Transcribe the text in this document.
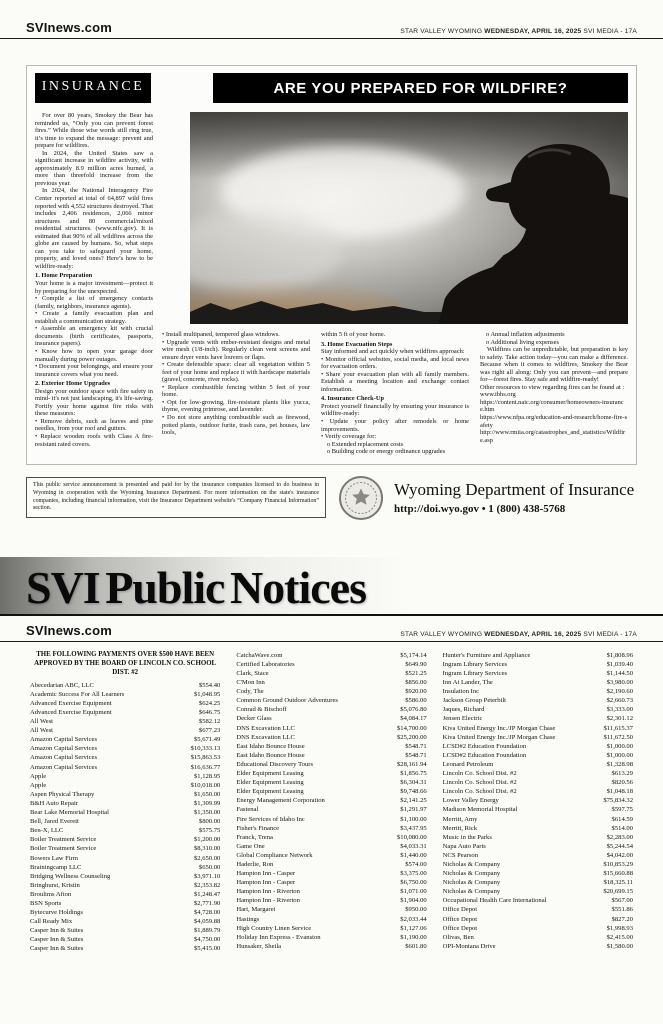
SVInews.com	STAR VALLEY WYOMING WEDNESDAY, APRIL 16, 2025 SVI MEDIA - 17A
INSURANCE	ARE YOU PREPARED FOR WILDFIRE?

For over 80 years, Smokey the Bear has reminded us, “Only you can prevent forest fires.” While those wise words still ring true, it’s time to expand the message: prevent and prepare for wildfires.

In 2024, the United States saw a significant increase in wildfire activity, with approximately 8.9 million acres burned, a more than threefold increase from the previous year.

In 2024, the National Interagency Fire Center reported at total of 64,897 wild fires reported with 4,552 structures destroyed. That includes 2,406 residences, 2,066 minor structures and 80 commercial/mixed residential structures. (www.nifc.gov). It is estimated that 90% of all wildfires across the globe are caused by humans. So, what steps can you take to safeguard your home, property, and loved ones? Here’s how to be wildfire-ready:

1. Home Preparation

Your home is a major investment—protect it by preparing for the unexpected.

• Compile a list of emergency contacts (family, neighbors, insurance agents).

• Create a family evacuation plan and establish a communication strategy.

• Assemble an emergency kit with crucial documents (birth certificates, passports, insurance papers).

• Know how to open your garage door manually during power outages.

• Document your belongings, and ensure your insurance covers what you need.

2. Exterior Home Upgrades

Design your outdoor space with fire safety in mind- it's not just landscaping, it's life-saving. Fortify your home against fire risks with these measures:

• Remove debris, such as leaves and pine needles, from your roof and gutters.

• Replace wooden roofs with Class A fire-resistant rated covers.

• Install multipaned, tempered glass windows.

• Upgrade vents with ember-resistant designs and metal wire mesh (1/8-inch). Regularly clean vent screens and ensure dryer vents have louvers or flaps.

• Create defensible space: clear all vegetation within 5 feet of your home and replace it with hardscape materials (gravel, concrete, river rocks).

• Replace combustible fencing within 5 feet of your home.

• Opt for low-growing, fire-resistant plants like yucca, thyme, evening primrose, and lavender.

• Do not store anything combustible such as firewood, potted plants, outdoor furite, trash cans, pet houses, law tools,

within 5 ft of your home.

3. Home Evacuation Steps

Stay informed and act quickly when wildfires approach:

• Monitor official websites, social media, and local news for evacuation orders.

• Share your evacuation plan with all family members. Establish a meeting location and exchange contact information.

4. Insurance Check-Up

Protect yourself financially by ensuring your insurance is wildfire-ready:

• Update your policy after remodels or home improvements.

• Verify coverage for:

o Extended replacement costs

o Building code or energy ordinance upgrades

o Annual inflation adjustments

o Additional living expenses

Wildfires can be unpredictable, but preparation is key to safety. Take action today—you can make a difference. Because when it comes to wildfires, Smokey the Bear was right all along: Only you can prevent—and prepare for—forest fires. Stay safe and wildfire-ready!

Other resources to view regarding fires can be found at :

www.ibhs.org

https://content.naic.org/consumer/homeowners-insurance.htm

https://www.nfpa.org/education-and-research/home-fire-safety

http://www.rmiia.org/catastrophes_and_statistics/Wildfire.asp

This public service announcement is presented and paid for by the insurance companies licensed to do business in Wyoming in cooperation with the Wyoming Insurance Department. For more information on the state's insurance companies, including financial information, visit the Insurance Department website's “Company Financial Information” section.

Wyoming Department of Insurance
http://doi.wyo.gov • 1 (800) 438-5768
SVI Public Notices
SVInews.com	STAR VALLEY WYOMING WEDNESDAY, APRIL 16, 2025 SVI MEDIA - 17A

THE FOLLOWING PAYMENTS OVER $500 HAVE BEEN APPROVED BY THE BOARD OF LINCOLN CO. SCHOOL DIST. #2

Abecedarian ABC, LLC	$554.40
Academic Success For All Learners	$1,048.95
Advanced Exercise Equipment	$624.25
Advanced Exercise Equipment	$646.75
All West	$582.12
All West	$677.23
Amazon Capital Services	$5,671.49
Amazon Capital Services	$10,333.13
Amazon Capital Services	$15,863.53
Amazon Capital Services	$16,636.77
Apple	$1,128.95
Apple	$10,018.00
Aspen Physical Therapy	$1,650.00
B&H Auto Repair	$1,309.99
Bear Lake Memorial Hospital	$1,350.00
Bell, Jared Everett	$800.00
Ben-X, LLC	$575.75
Boiler Treatment Service	$1,200.00
Boiler Treatment Service	$8,310.00
Bowers Law Firm	$2,650.00
Brainingcamp LLC	$650.00
Bridging Wellness Counseling	$3,971.10
Bringhurst, Kristin	$2,353.82
Broulims Afton	$1,248.47
BSN Sports	$2,771.90
Bytecurve Holdings	$4,728.00
Call Ready Mix	$4,059.88
Casper Inn & Suites	$1,889.79
Casper Inn & Suites	$4,750.00
Casper Inn & Suites	$5,415.00
CatchaWave.com	$5,174.14
Certified Laboratories	$649.90
Clark, Stace	$521.25
C'Mon Inn	$856.00
Cody, The	$920.00
Common Ground Outdoor Adventures	$586.00
Conrad & Bischoff	$5,076.80
Decker Glass	$4,084.17
DNS Excavation LLC	$14,700.00
DNS Excavation LLC	$25,200.00
East Idaho Bounce House	$548.71
East Idaho Bounce House	$548.71
Educational Discovery Tours	$28,161.94
Elder Equipment Leasing	$1,856.75
Elder Equipment Leasing	$6,304.31
Elder Equipment Leasing	$9,748.66
Energy Management Corporation	$2,141.25
Fastenal	$1,291.97
Fire Services of Idaho Inc	$1,100.00
Fisher's Finance	$3,437.95
Franck, Trena	$10,080.00
Game One	$4,033.31
Global Compliance Network	$1,440.00
Haderlie, Ron	$574.00
Hampton Inn - Casper	$3,375.00
Hampton Inn - Casper	$6,750.00
Hampton Inn - Riverton	$1,071.00
Hampton Inn - Riverton	$1,904.00
Hart, Margaret	$950.00
Hastings	$2,033.44
High Country Linen Service	$1,127.06
Holiday Inn Express - Evanston	$1,190.00
Hunsaker, Sheila	$601.80
Hunter's Furniture and Appliance	$1,808.96
Ingram Library Services	$1,039.40
Ingram Library Services	$1,144.50
Inn At Lander, The	$3,980.00
Insulation Inc	$2,190.60
Jackson Group Peterbilt	$2,660.73
Jaques, Richard	$3,333.00
Jensen Electric	$2,301.12
Kiva United Energy Inc./JP Morgan Chase	$11,615.37
Kiva United Energy Inc./JP Morgan Chase	$11,672.50
LCSD#2 Education Foundation	$1,000.00
LCSD#2 Education Foundation	$1,000.00
Leonard Petroleum	$1,328.98
Lincoln Co. School Dist. #2	$613.29
Lincoln Co. School Dist. #2	$820.56
Lincoln Co. School Dist. #2	$1,048.18
Lower Valley Energy	$75,834.32
Madison Memorial Hospital	$597.75
Merritt, Amy	$614.59
Merritt, Rick	$514.00
Music in the Parks	$2,283.00
Napa Auto Parts	$5,244.54
NCS Pearson	$4,042.00
Nicholas & Company	$10,853.29
Nicholas & Company	$15,660.88
Nicholas & Company	$18,325.11
Nicholas & Company	$20,699.15
Occupational Health Care International	$567.00
Office Depot	$551.86
Office Depot	$827.20
Office Depot	$1,998.93
Olivas, Ben	$2,415.00
OPI-Montana Drive	$1,580.00
